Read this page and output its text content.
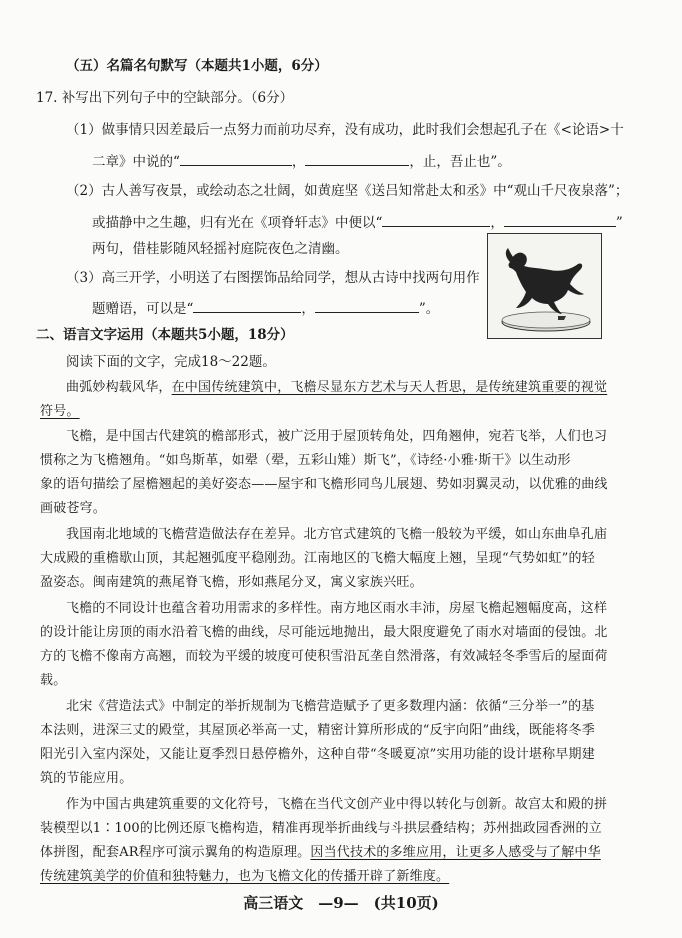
（五）名篇名句默写（本题共1小题，6分）
17. 补写出下列句子中的空缺部分。（6分）
（1）做事情只因差最后一点努力而前功尽弃，没有成功，此时我们会想起孔子在《<论语>十
二章》中说的“	，	，止，吾止也”。
（2）古人善写夜景，或绘动态之壮阔，如黄庭坚《送吕知常赴太和丞》中“观山千尺夜泉落”；
或描静中之生趣，归有光在《项脊轩志》中便以“	，	”
两句，借桂影随风轻摇衬庭院夜色之清幽。
（3）高三开学，小明送了右图摆饰品给同学，想从古诗中找两句用作
题赠语，可以是“	，	”。
二、语言文字运用（本题共5小题，18分）
阅读下面的文字，完成18～22题。
曲弧妙构载风华，在中国传统建筑中，飞檐尽显东方艺术与天人哲思，是传统建筑重要的视觉
符号。
飞檐，是中国古代建筑的檐部形式，被广泛用于屋顶转角处，四角翘伸，宛若飞举，人们也习
惯称之为飞檐翘角。“如鸟斯革，如翚（翚，五彩山雉）斯飞”，《诗经·小雅·斯干》以生动形
象的语句描绘了屋檐翘起的美好姿态——屋宇和飞檐形同鸟儿展翅、势如羽翼灵动，以优雅的曲线
画破苍穹。
我国南北地域的飞檐营造做法存在差异。北方官式建筑的飞檐一般较为平缓，如山东曲阜孔庙
大成殿的重檐歇山顶，其起翘弧度平稳刚劲。江南地区的飞檐大幅度上翘，呈现“气势如虹”的轻
盈姿态。闽南建筑的燕尾脊飞檐，形如燕尾分叉，寓义家族兴旺。
飞檐的不同设计也蕴含着功用需求的多样性。南方地区雨水丰沛，房屋飞檐起翘幅度高，这样
的设计能让房顶的雨水沿着飞檐的曲线，尽可能远地抛出，最大限度避免了雨水对墙面的侵蚀。北
方的飞檐不像南方高翘，而较为平缓的坡度可使积雪沿瓦垄自然滑落，有效减轻冬季雪后的屋面荷
载。
北宋《营造法式》中制定的举折规制为飞檐营造赋予了更多数理内涵：依循“三分举一”的基
本法则，进深三丈的殿堂，其屋顶必举高一丈，精密计算所形成的“反宇向阳”曲线，既能将冬季
阳光引入室内深处，又能让夏季烈日悬停檐外，这种自带“冬暖夏凉”实用功能的设计堪称早期建
筑的节能应用。
作为中国古典建筑重要的文化符号，飞檐在当代文创产业中得以转化与创新。故宫太和殿的拼
装模型以1∶100的比例还原飞檐构造，精准再现举折曲线与斗拱层叠结构；苏州拙政园香洲的立
体拼图，配套AR程序可演示翼角的构造原理。因当代技术的多维应用，让更多人感受与了解中华
传统建筑美学的价值和独特魅力，也为飞檐文化的传播开辟了新维度。
高三语文　—9—　(共10页)
